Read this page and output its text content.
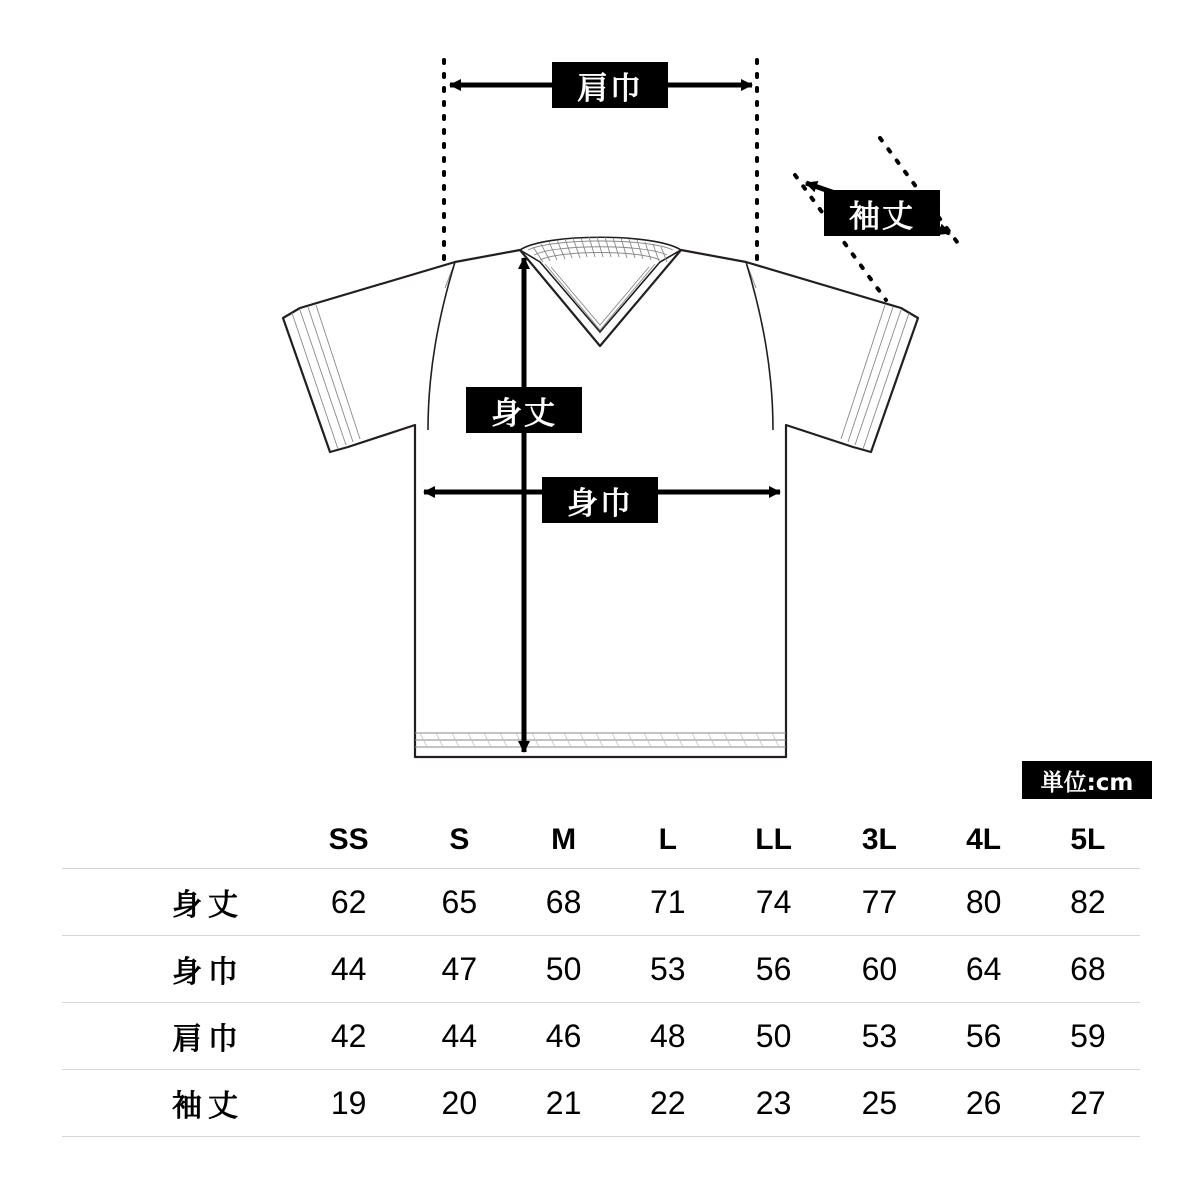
肩巾
袖丈
身丈
身巾
単位:cm
	SS	S	M	L	LL	3L	4L	5L
身丈	62	65	68	71	74	77	80	82
身巾	44	47	50	53	56	60	64	68
肩巾	42	44	46	48	50	53	56	59
袖丈	19	20	21	22	23	25	26	27
